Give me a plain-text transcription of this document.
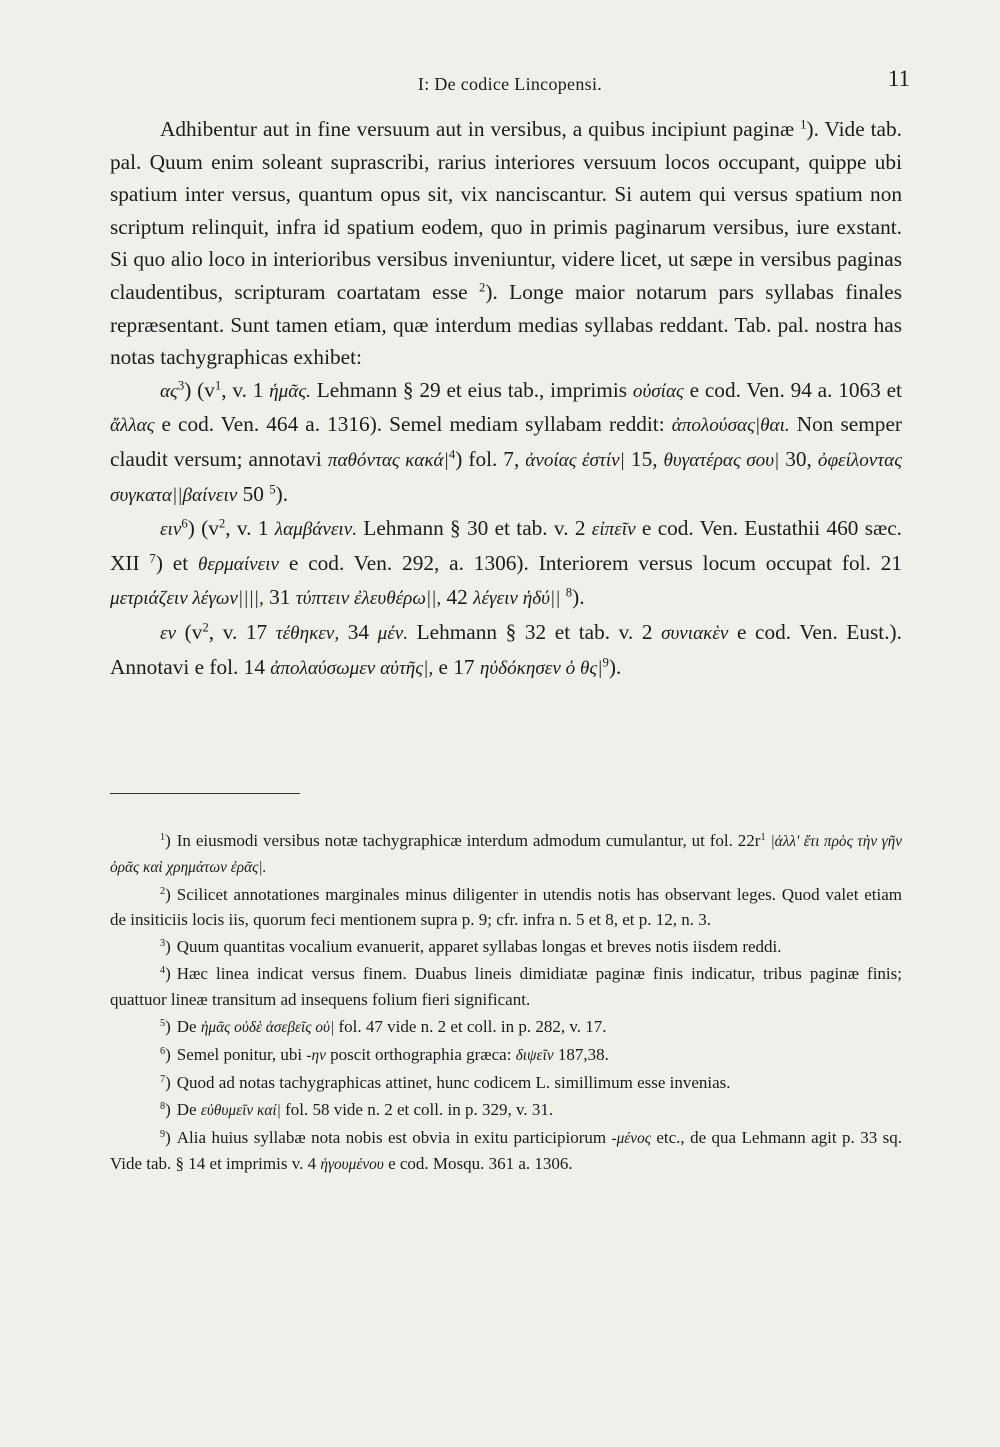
I: De codice Lincopensi.	11

Adhibentur aut in fine versuum aut in versibus, a quibus incipiunt paginæ $^1$). Vide tab. pal. Quum enim soleant suprascribi, rarius interiores versuum locos occupant, quippe ubi spatium inter versus, quantum opus sit, vix nanciscantur. Si autem qui versus spatium non scriptum relinquit, infra id spatium eodem, quo in primis paginarum versibus, iure exstant. Si quo alio loco in interioribus versibus inveniuntur, videre licet, ut sæpe in versibus paginas claudentibus, scripturam coartatam esse $^2$). Longe maior notarum pars syllabas finales repræsentant. Sunt tamen etiam, quæ interdum medias syllabas reddant. Tab. pal. nostra has notas tachygraphicas exhibet:

$\alpha\varsigma^3$) ($v^1$, v. 1 ἡμᾶς. Lehmann § 29 et eius tab., imprimis οὐσίας e cod. Ven. 94 a. 1063 et ἄλλας e cod. Ven. 464 a. 1316). Semel mediam syllabam reddit: ἀπολούσας|θαι. Non semper claudit versum; annotavi παθόντας $\kappa\alpha\kappa ά|^4$) fol. 7, ἀνοίας ἐστίν| 15, θυγατέρας σου| 30, ὀφείλοντας συγκατα||βαίνειν 50 $^5$).

ειν$^6$) ($v^2$, v. 1 λαμβάνειν. Lehmann § 30 et tab. v. 2 εἰπεῖν e cod. Ven. Eustathii 460 sæc. XII $^7$) et θερμαίνειν e cod. Ven. 292, a. 1306). Interiorem versus locum occupat fol. 21 μετριάζειν λέγων||||, 31 τύπτειν ἐλευθέρω||, 42 λέγειν ἡδύ|| $^8$).

εν ($v^2$, v. 17 τέθηκεν, 34 μέν. Lehmann § 32 et tab. v. 2 συνιακὲν e cod. Ven. Eust.). Annotavi e fol. 14 ἀπολαύσωμεν αὐτῆς|, e 17 ηὐδόκησεν ὁ $\theta\varsigma|^9$).

$^1$) In eiusmodi versibus notæ tachygraphicæ interdum admodum cumulantur, ut fol. $22r^1$ |ἀλλ' ἔτι πρὸς τὴν γῆν ὁρᾶς καὶ χρημάτων ἐρᾶς|.

$^2$) Scilicet annotationes marginales minus diligenter in utendis notis has observant leges. Quod valet etiam de insiticiis locis iis, quorum feci mentionem supra p. 9; cfr. infra n. 5 et 8, et p. 12, n. 3.

$^3$) Quum quantitas vocalium evanuerit, apparet syllabas longas et breves notis iisdem reddi.

$^4$) Hæc linea indicat versus finem. Duabus lineis dimidiatæ paginæ finis indicatur, tribus paginæ finis; quattuor lineæ transitum ad insequens folium fieri significant.

$^5$) De ἡμᾶς οὐδὲ ἀσεβεῖς οὐ| fol. 47 vide n. 2 et coll. in p. 282, v. 17.

$^6$) Semel ponitur, ubi -ην poscit orthographia græca: διψεῖν 187,38.

$^7$) Quod ad notas tachygraphicas attinet, hunc codicem L. simillimum esse invenias.

$^8$) De εὐθυμεῖν καί| fol. 58 vide n. 2 et coll. in p. 329, v. 31.

$^9$) Alia huius syllabæ nota nobis est obvia in exitu participiorum -μένος etc., de qua Lehmann agit p. 33 sq. Vide tab. § 14 et imprimis v. 4 ἡγουμένου e cod. Mosqu. 361 a. 1306.
